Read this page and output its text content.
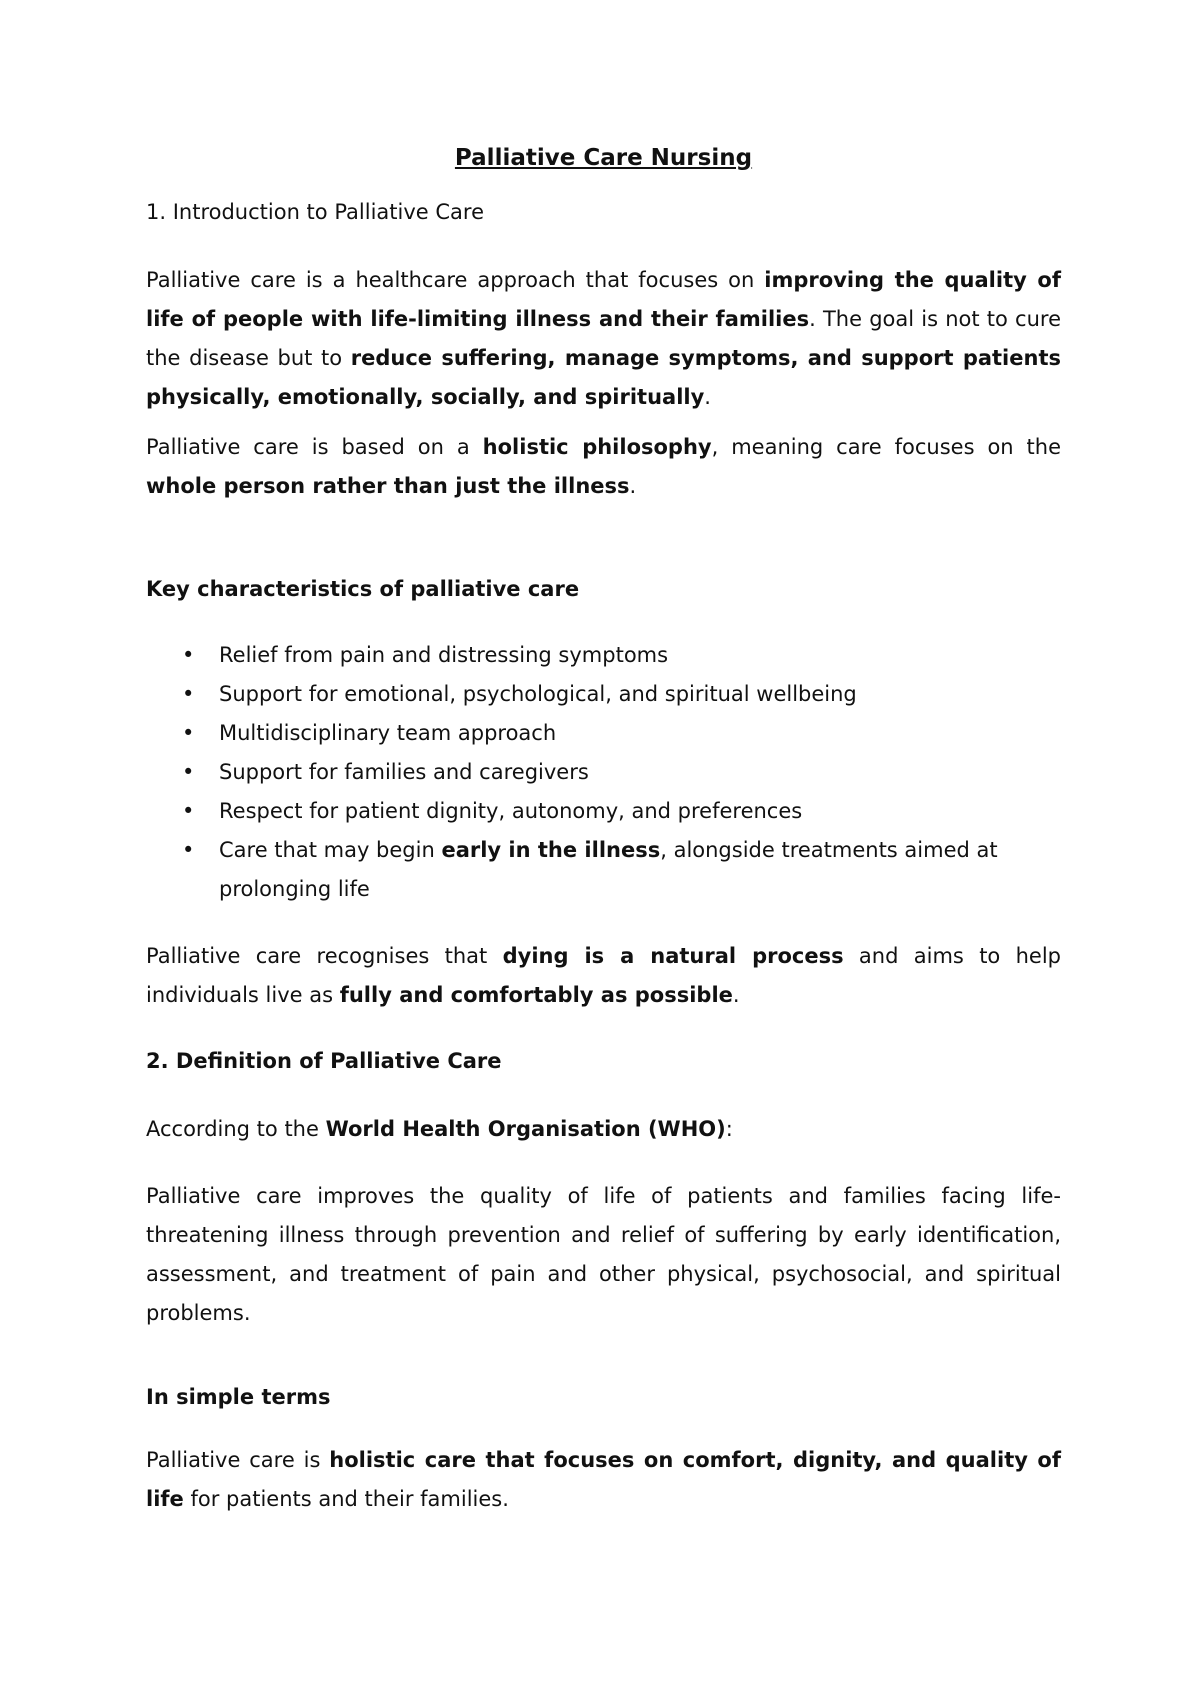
Palliative Care Nursing
1. Introduction to Palliative Care
Palliative care is a healthcare approach that focuses on improving the quality of life of people with life-limiting illness and their families. The goal is not to cure the disease but to reduce suffering, manage symptoms, and support patients physically, emotionally, socially, and spiritually.
Palliative care is based on a holistic philosophy, meaning care focuses on the whole person rather than just the illness.
Key characteristics of palliative care
• Relief from pain and distressing symptoms
• Support for emotional, psychological, and spiritual wellbeing
• Multidisciplinary team approach
• Support for families and caregivers
• Respect for patient dignity, autonomy, and preferences
• Care that may begin early in the illness, alongside treatments aimed at prolonging life
Palliative care recognises that dying is a natural process and aims to help individuals live as fully and comfortably as possible.
2. Definition of Palliative Care
According to the World Health Organisation (WHO):
Palliative care improves the quality of life of patients and families facing life-threatening illness through prevention and relief of suffering by early identification, assessment, and treatment of pain and other physical, psychosocial, and spiritual problems.
In simple terms
Palliative care is holistic care that focuses on comfort, dignity, and quality of life for patients and their families.
